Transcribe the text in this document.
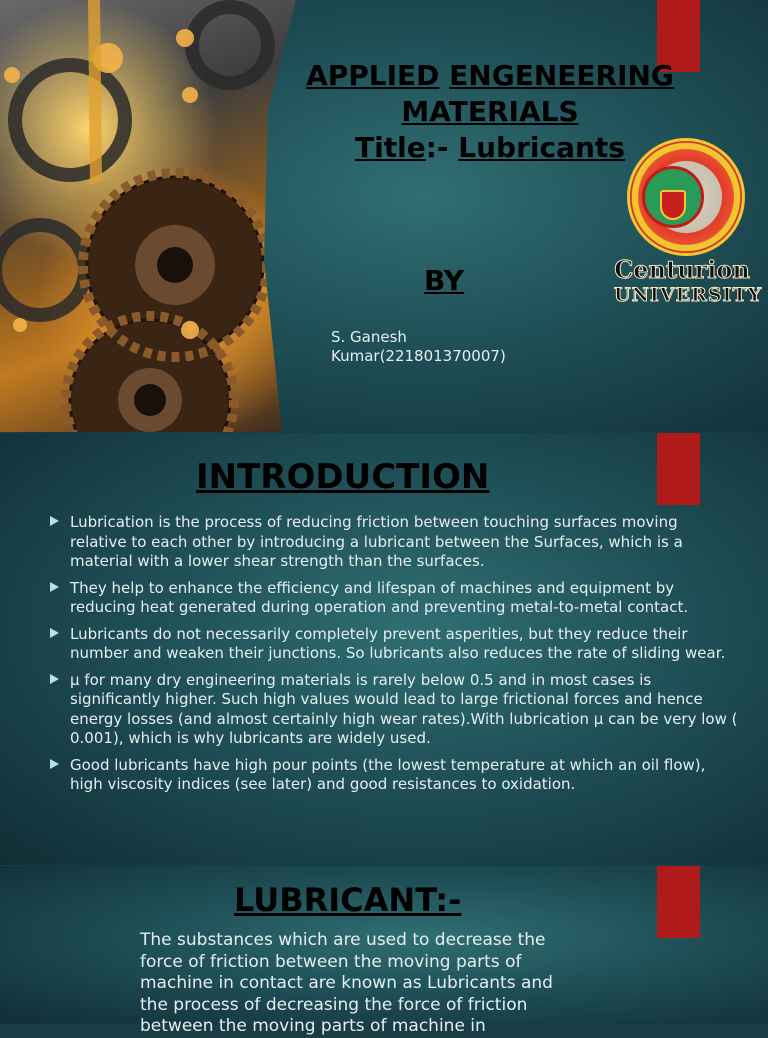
APPLIED ENGENEERING
MATERIALS
Title:- Lubricants
Centurion
UNIVERSITY
BY
S. Ganesh Kumar(221801370007)
INTRODUCTION
Lubrication is the process of reducing friction between touching surfaces moving relative to each other by introducing a lubricant between the Surfaces, which is a material with a lower shear strength than the surfaces.
They help to enhance the efficiency and lifespan of machines and equipment by reducing heat generated during operation and preventing metal-to-metal contact.
Lubricants do not necessarily completely prevent asperities, but they reduce their number and weaken their junctions. So lubricants also reduces the rate of sliding wear.
µ for many dry engineering materials is rarely below 0.5 and in most cases is significantly higher. Such high values would lead to large frictional forces and hence energy losses (and almost certainly high wear rates).With lubrication µ can be very low ( 0.001), which is why lubricants are widely used.
Good lubricants have high pour points (the lowest temperature at which an oil flow), high viscosity indices (see later) and good resistances to oxidation.
LUBRICANT:-
The substances which are used to decrease the force of friction between the moving parts of machine in contact are known as Lubricants and the process of decreasing the force of friction between the moving parts of machine in
